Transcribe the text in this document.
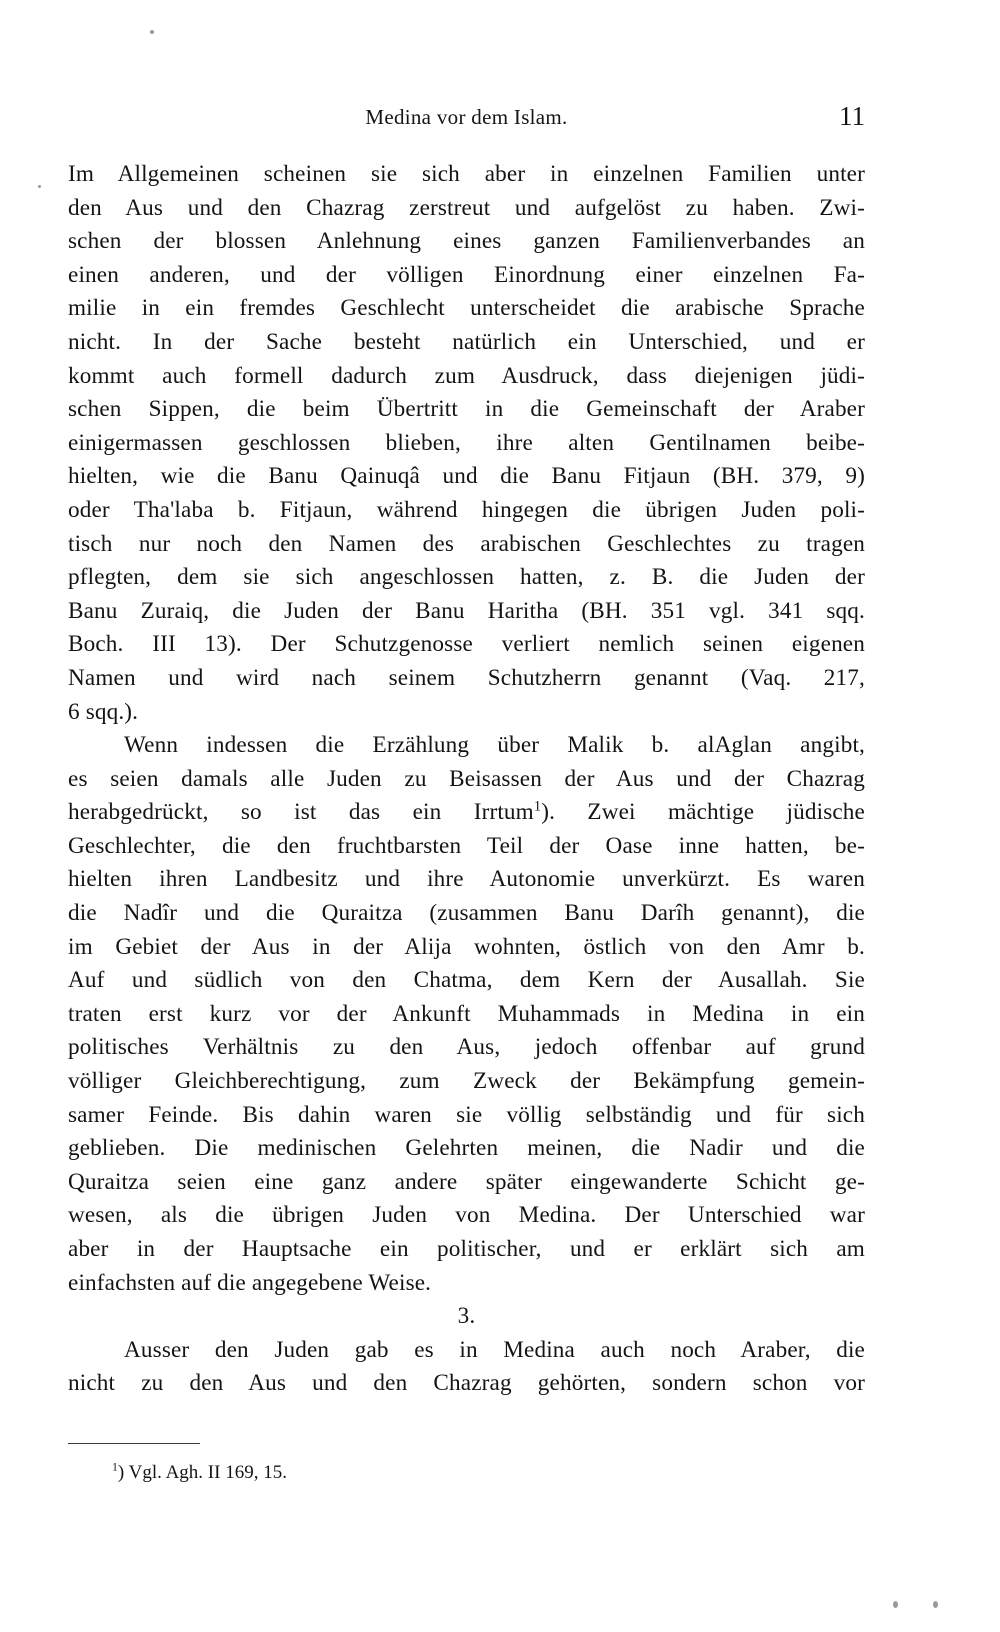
Medina vor dem Islam.	11
Im Allgemeinen scheinen sie sich aber in einzelnen Familien unter
den Aus und den Chazrag zerstreut und aufgelöst zu haben. Zwi-
schen der blossen Anlehnung eines ganzen Familienverbandes an
einen anderen, und der völligen Einordnung einer einzelnen Fa-
milie in ein fremdes Geschlecht unterscheidet die arabische Sprache
nicht. In der Sache besteht natürlich ein Unterschied, und er
kommt auch formell dadurch zum Ausdruck, dass diejenigen jüdi-
schen Sippen, die beim Übertritt in die Gemeinschaft der Araber
einigermassen geschlossen blieben, ihre alten Gentilnamen beibe-
hielten, wie die Banu Qainuqâ und die Banu Fitjaun (BH. 379, 9)
oder Tha'laba b. Fitjaun, während hingegen die übrigen Juden poli-
tisch nur noch den Namen des arabischen Geschlechtes zu tragen
pflegten, dem sie sich angeschlossen hatten, z. B. die Juden der
Banu Zuraiq, die Juden der Banu Haritha (BH. 351 vgl. 341 sqq.
Boch. III 13). Der Schutzgenosse verliert nemlich seinen eigenen
Namen und wird nach seinem Schutzherrn genannt (Vaq. 217,
6 sqq.).
Wenn indessen die Erzählung über Malik b. alAglan angibt,
es seien damals alle Juden zu Beisassen der Aus und der Chazrag
herabgedrückt, so ist das ein Irrtum$^1$). Zwei mächtige jüdische
Geschlechter, die den fruchtbarsten Teil der Oase inne hatten, be-
hielten ihren Landbesitz und ihre Autonomie unverkürzt. Es waren
die Nadîr und die Quraitza (zusammen Banu Darîh genannt), die
im Gebiet der Aus in der Alija wohnten, östlich von den Amr b.
Auf und südlich von den Chatma, dem Kern der Ausallah. Sie
traten erst kurz vor der Ankunft Muhammads in Medina in ein
politisches Verhältnis zu den Aus, jedoch offenbar auf grund
völliger Gleichberechtigung, zum Zweck der Bekämpfung gemein-
samer Feinde. Bis dahin waren sie völlig selbständig und für sich
geblieben. Die medinischen Gelehrten meinen, die Nadir und die
Quraitza seien eine ganz andere später eingewanderte Schicht ge-
wesen, als die übrigen Juden von Medina. Der Unterschied war
aber in der Hauptsache ein politischer, und er erklärt sich am
einfachsten auf die angegebene Weise.
3.
Ausser den Juden gab es in Medina auch noch Araber, die
nicht zu den Aus und den Chazrag gehörten, sondern schon vor
$^1$) Vgl. Agh. II 169, 15.
